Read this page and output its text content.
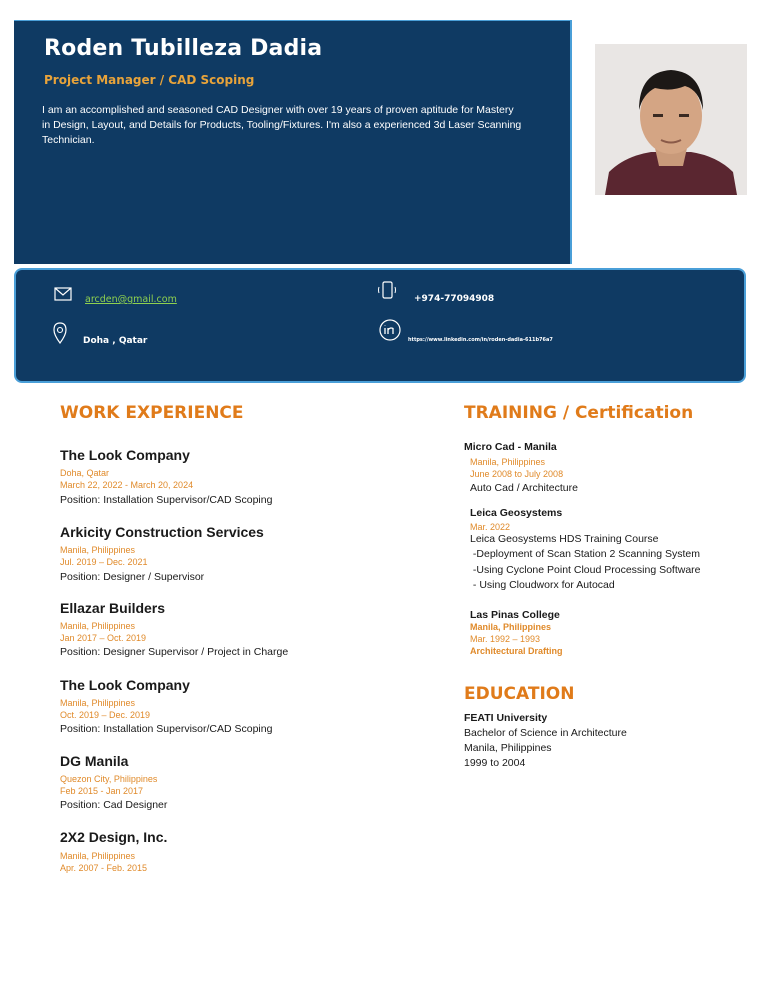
Roden Tubilleza Dadia
Project Manager / CAD Scoping
I am an accomplished and seasoned CAD Designer with over 19 years of proven aptitude for Mastery in Design, Layout, and Details for Products, Tooling/Fixtures. I'm also a experienced 3d Laser Scanning Technician.
arcden@gmail.com	+974-77094908
Doha , Qatar	https://www.linkedin.com/in/roden-dadia-611b76a7
WORK EXPERIENCE
The Look Company
Doha, Qatar
March 22, 2022 - March 20, 2024
Position: Installation Supervisor/CAD Scoping
Arkicity Construction Services
Manila, Philippines
Jul. 2019 – Dec. 2021
Position: Designer / Supervisor
Ellazar Builders
Manila, Philippines
Jan 2017 – Oct. 2019
Position: Designer Supervisor / Project in Charge
The Look Company
Manila, Philippines
Oct. 2019 – Dec. 2019
Position: Installation Supervisor/CAD Scoping
DG Manila
Quezon City, Philippines
Feb 2015 - Jan 2017
Position: Cad Designer
2X2 Design, Inc.
Manila, Philippines
Apr. 2007 - Feb. 2015
TRAINING / Certification
Micro Cad - Manila
Manila, Philippines
June 2008 to July 2008
Auto Cad / Architecture
Leica Geosystems
Mar. 2022
Leica Geosystems HDS Training Course
-Deployment of Scan Station 2 Scanning System
-Using Cyclone Point Cloud Processing Software
- Using Cloudworx for Autocad
Las Pinas College
Manila, Philippines
Mar. 1992 – 1993
Architectural Drafting
EDUCATION
FEATI University
Bachelor of Science in Architecture
Manila, Philippines
1999 to 2004
